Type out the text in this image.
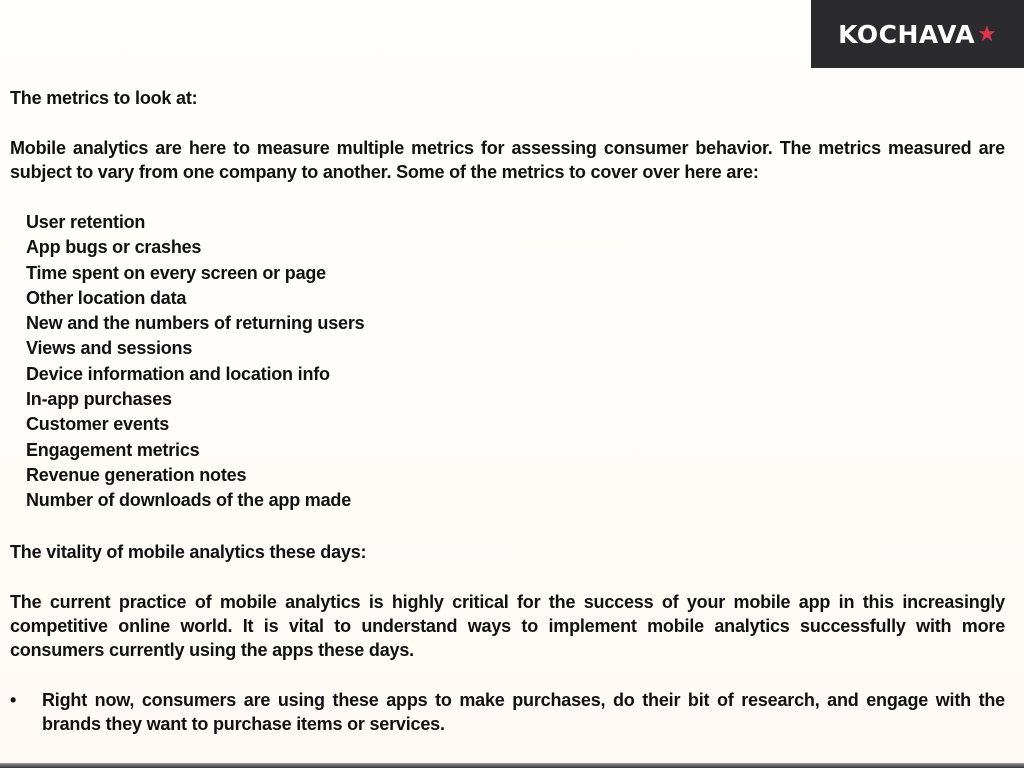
KOCHAVA ★
The metrics to look at:
Mobile analytics are here to measure multiple metrics for assessing consumer behavior. The metrics measured are subject to vary from one company to another. Some of the metrics to cover over here are:
User retention
App bugs or crashes
Time spent on every screen or page
Other location data
New and the numbers of returning users
Views and sessions
Device information and location info
In-app purchases
Customer events
Engagement metrics
Revenue generation notes
Number of downloads of the app made
The vitality of mobile analytics these days:
The current practice of mobile analytics is highly critical for the success of your mobile app in this increasingly competitive online world. It is vital to understand ways to implement mobile analytics successfully with more consumers currently using the apps these days.
•	Right now, consumers are using these apps to make purchases, do their bit of research, and engage with the brands they want to purchase items or services.
